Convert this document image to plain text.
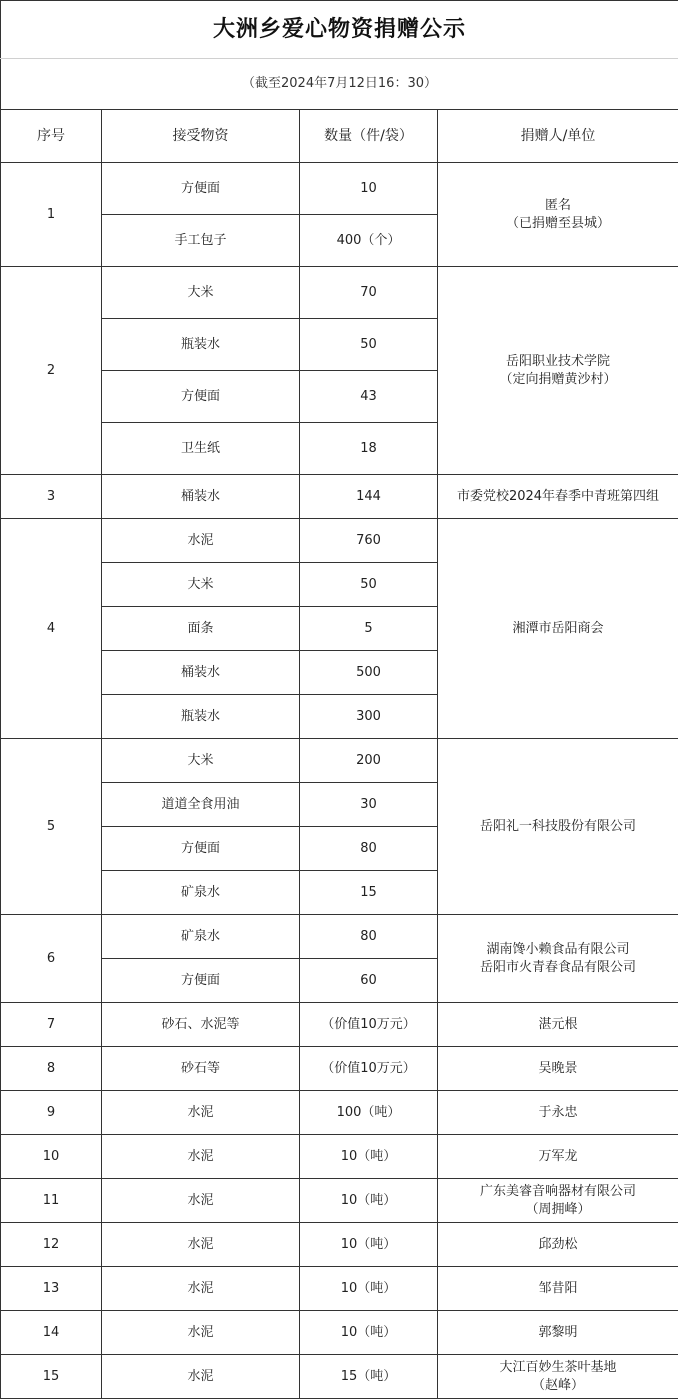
大洲乡爱心物资捐赠公示			
（截至2024年7月12日16：30）			
序号	接受物资	数量（件/袋）	捐赠人/单位
1	方便面	10	匿名
（已捐赠至县城）
	手工包子	400（个）	
2	大米	70	岳阳职业技术学院
（定向捐赠黄沙村）
	瓶装水	50	
	方便面	43	
	卫生纸	18	
3	桶装水	144	市委党校2024年春季中青班第四组
4	水泥	760	湘潭市岳阳商会
	大米	50	
	面条	5	
	桶装水	500	
	瓶装水	300	
5	大米	200	岳阳礼一科技股份有限公司
	道道全食用油	30	
	方便面	80	
	矿泉水	15	
6	矿泉水	80	湖南馋小赖食品有限公司
岳阳市火青春食品有限公司
	方便面	60	
7	砂石、水泥等	（价值10万元）	湛元根
8	砂石等	（价值10万元）	吴晚景
9	水泥	100（吨）	于永忠
10	水泥	10（吨）	万军龙
11	水泥	10（吨）	广东美睿音响器材有限公司
（周拥峰）
12	水泥	10（吨）	邱劲松
13	水泥	10（吨）	邹昔阳
14	水泥	10（吨）	郭黎明
15	水泥	15（吨）	大江百妙生茶叶基地
（赵峰）
